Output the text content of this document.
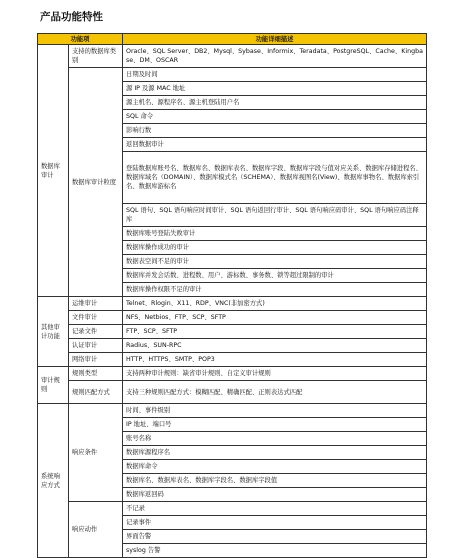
产品功能特性
功能项		功能详细描述
数据库审计	支持的数据库类别	Oracle、SQL Server、DB2、Mysql、Sybase、Informix、Teradata、PostgreSQL、Cache、Kingbase、DM、OSCAR
	数据库审计粒度	日期及时间
		源 IP 及源 MAC 地址
		源主机名、源程序名、源主机登陆用户名
		SQL 命令
		影响行数
		返回数据审计
		登陆数据库账号名、数据库名、数据库表名、数据库字段、数据库字段与值对应关系、数据库存储进程名、数据库域名（DOMAIN）、数据库模式名（SCHEMA）、数据库视图名(View)、数据库事物名、数据库索引名、数据库游标名
		SQL 语句、SQL 语句响应时间审计、SQL 语句返回行审计、SQL 语句响应码审计、SQL 语句响应码注释库
		数据库账号登陆失败审计
		数据库操作成功的审计
		数据表空间不足的审计
		数据库并发会话数、进程数、用户、游标数、事务数、锁等超过限制的审计
		数据库操作权限不足的审计
其他审计功能	运维审计	Telnet、Rlogin、X11、RDP、VNC(非加密方式)
	文件审计	NFS、Netbios、FTP、SCP、SFTP
	记录文件	FTP、SCP、SFTP
	认证审计	Radius、SUN-RPC
	网络审计	HTTP、HTTPS、SMTP、POP3
审计规则	规则类型	支持两种审计规则：缺省审计规则、自定义审计规则
	规则匹配方式	支持三种规则匹配方式：模糊匹配、精确匹配、正则表达式匹配
系统响应方式	响应条件	时间、事件级别
		IP 地址、端口号
		账号名称
		数据库源程序名
		数据库命令
		数据库名、数据库表名、数据库字段名、数据库字段值
		数据库返回码
	响应动作	不记录
		记录事件
		界面告警
		syslog 告警
